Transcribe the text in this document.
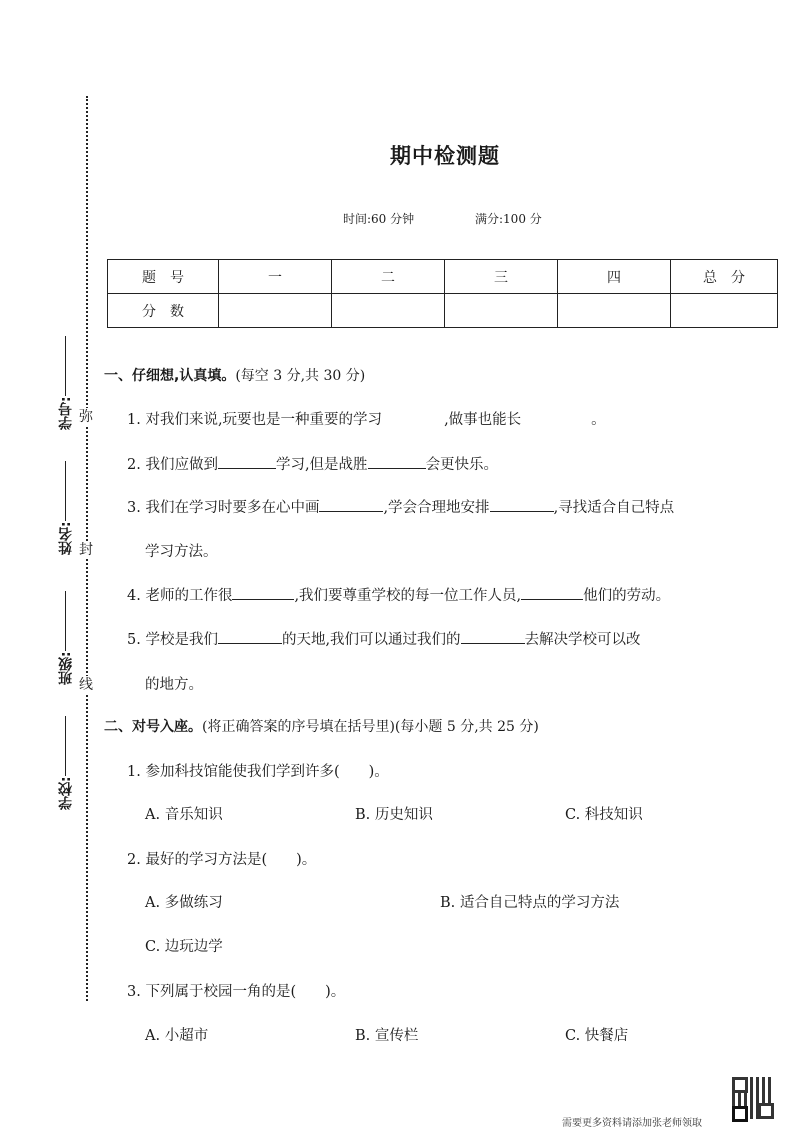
弥
封
线
学号:
姓名:
班级:
学校:
期中检测题
时间:60 分钟	满分:100 分
题　号	一	二	三	四	总　分
分　数					
一、仔细想,认真填。(每空 3 分,共 30 分)
1. 对我们来说,玩要也是一种重要的学习	,做事也能长	。
2. 我们应做到	学习,但是战胜	会更快乐。
3. 我们在学习时要多在心中画	,学会合理地安排	,寻找适合自己特点
学习方法。
4. 老师的工作很	,我们要尊重学校的每一位工作人员,	他们的劳动。
5. 学校是我们	的天地,我们可以通过我们的	去解决学校可以改
的地方。
二、对号入座。(将正确答案的序号填在括号里)(每小题 5 分,共 25 分)
1. 参加科技馆能使我们学到许多(　　)。
A. 音乐知识	B. 历史知识	C. 科技知识
2. 最好的学习方法是(　　)。
A. 多做练习	B. 适合自己特点的学习方法
C. 边玩边学
3. 下列属于校园一角的是(　　)。
A. 小超市	B. 宣传栏	C. 快餐店
需要更多资料请添加张老师领取
